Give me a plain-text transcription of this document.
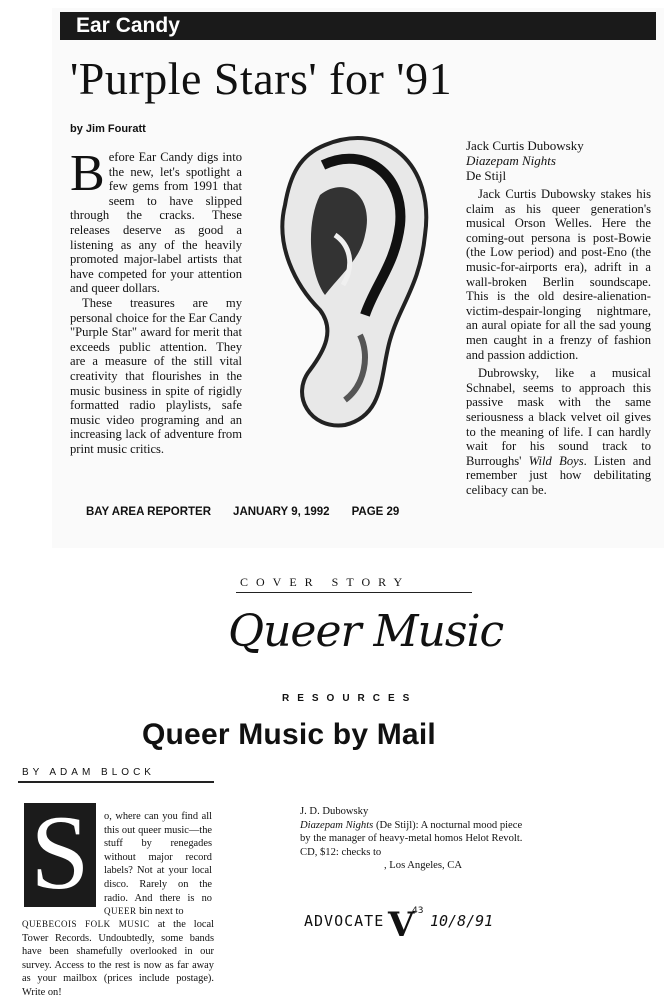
Ear Candy
'Purple Stars' for '91
by Jim Fouratt

Before Ear Candy digs into the new, let's spotlight a few gems from 1991 that seem to have slipped through the cracks. These releases deserve as good a listening as any of the heavily promoted major-label artists that have competed for your attention and queer dollars.

These treasures are my personal choice for the Ear Candy "Purple Star" award for merit that exceeds public attention. They are a measure of the still vital creativity that flourishes in the music business in spite of rigidly formatted radio playlists, safe music video programing and an increasing lack of adventure from print music critics.

Jack Curtis Dubowsky
Diazepam Nights
De Stijl

Jack Curtis Dubowsky stakes his claim as his queer generation's musical Orson Welles. Here the coming-out persona is post-Bowie (the Low period) and post-Eno (the music-for-airports era), adrift in a wall-broken Berlin soundscape. This is the old desire-alienation-victim-despair-longing nightmare, an aural opiate for all the sad young men caught in a frenzy of fashion and passion addiction.

Dubrowsky, like a musical Schnabel, seems to approach this passive mask with the same seriousness a black velvet oil gives to the meaning of life. I can hardly wait for his sound track to Burroughs' Wild Boys. Listen and remember just how debilitating celibacy can be.

BAY AREA REPORTER JANUARY 9, 1992 PAGE 29
COVER STORY
Queer Music
RESOURCES
Queer Music by Mail
BY ADAM BLOCK
S	o, where can you find all this out queer music—the stuff by renegades without major record labels? Not at your local disco. Rarely on the radio. And there is no QUEER bin next to
QUEBECOIS FOLK MUSIC at the local Tower Records. Undoubtedly, some bands have been shamefully overlooked in our survey. Access to the rest is now as far away as your mailbox (prices include postage). Write on!
J. D. Dubowsky
Diazepam Nights (De Stijl): A nocturnal mood piece by the manager of heavy-metal homos Helot Revolt. CD, $12: checks to
, Los Angeles, CA
ADVOCATE V
43
10/8/91
